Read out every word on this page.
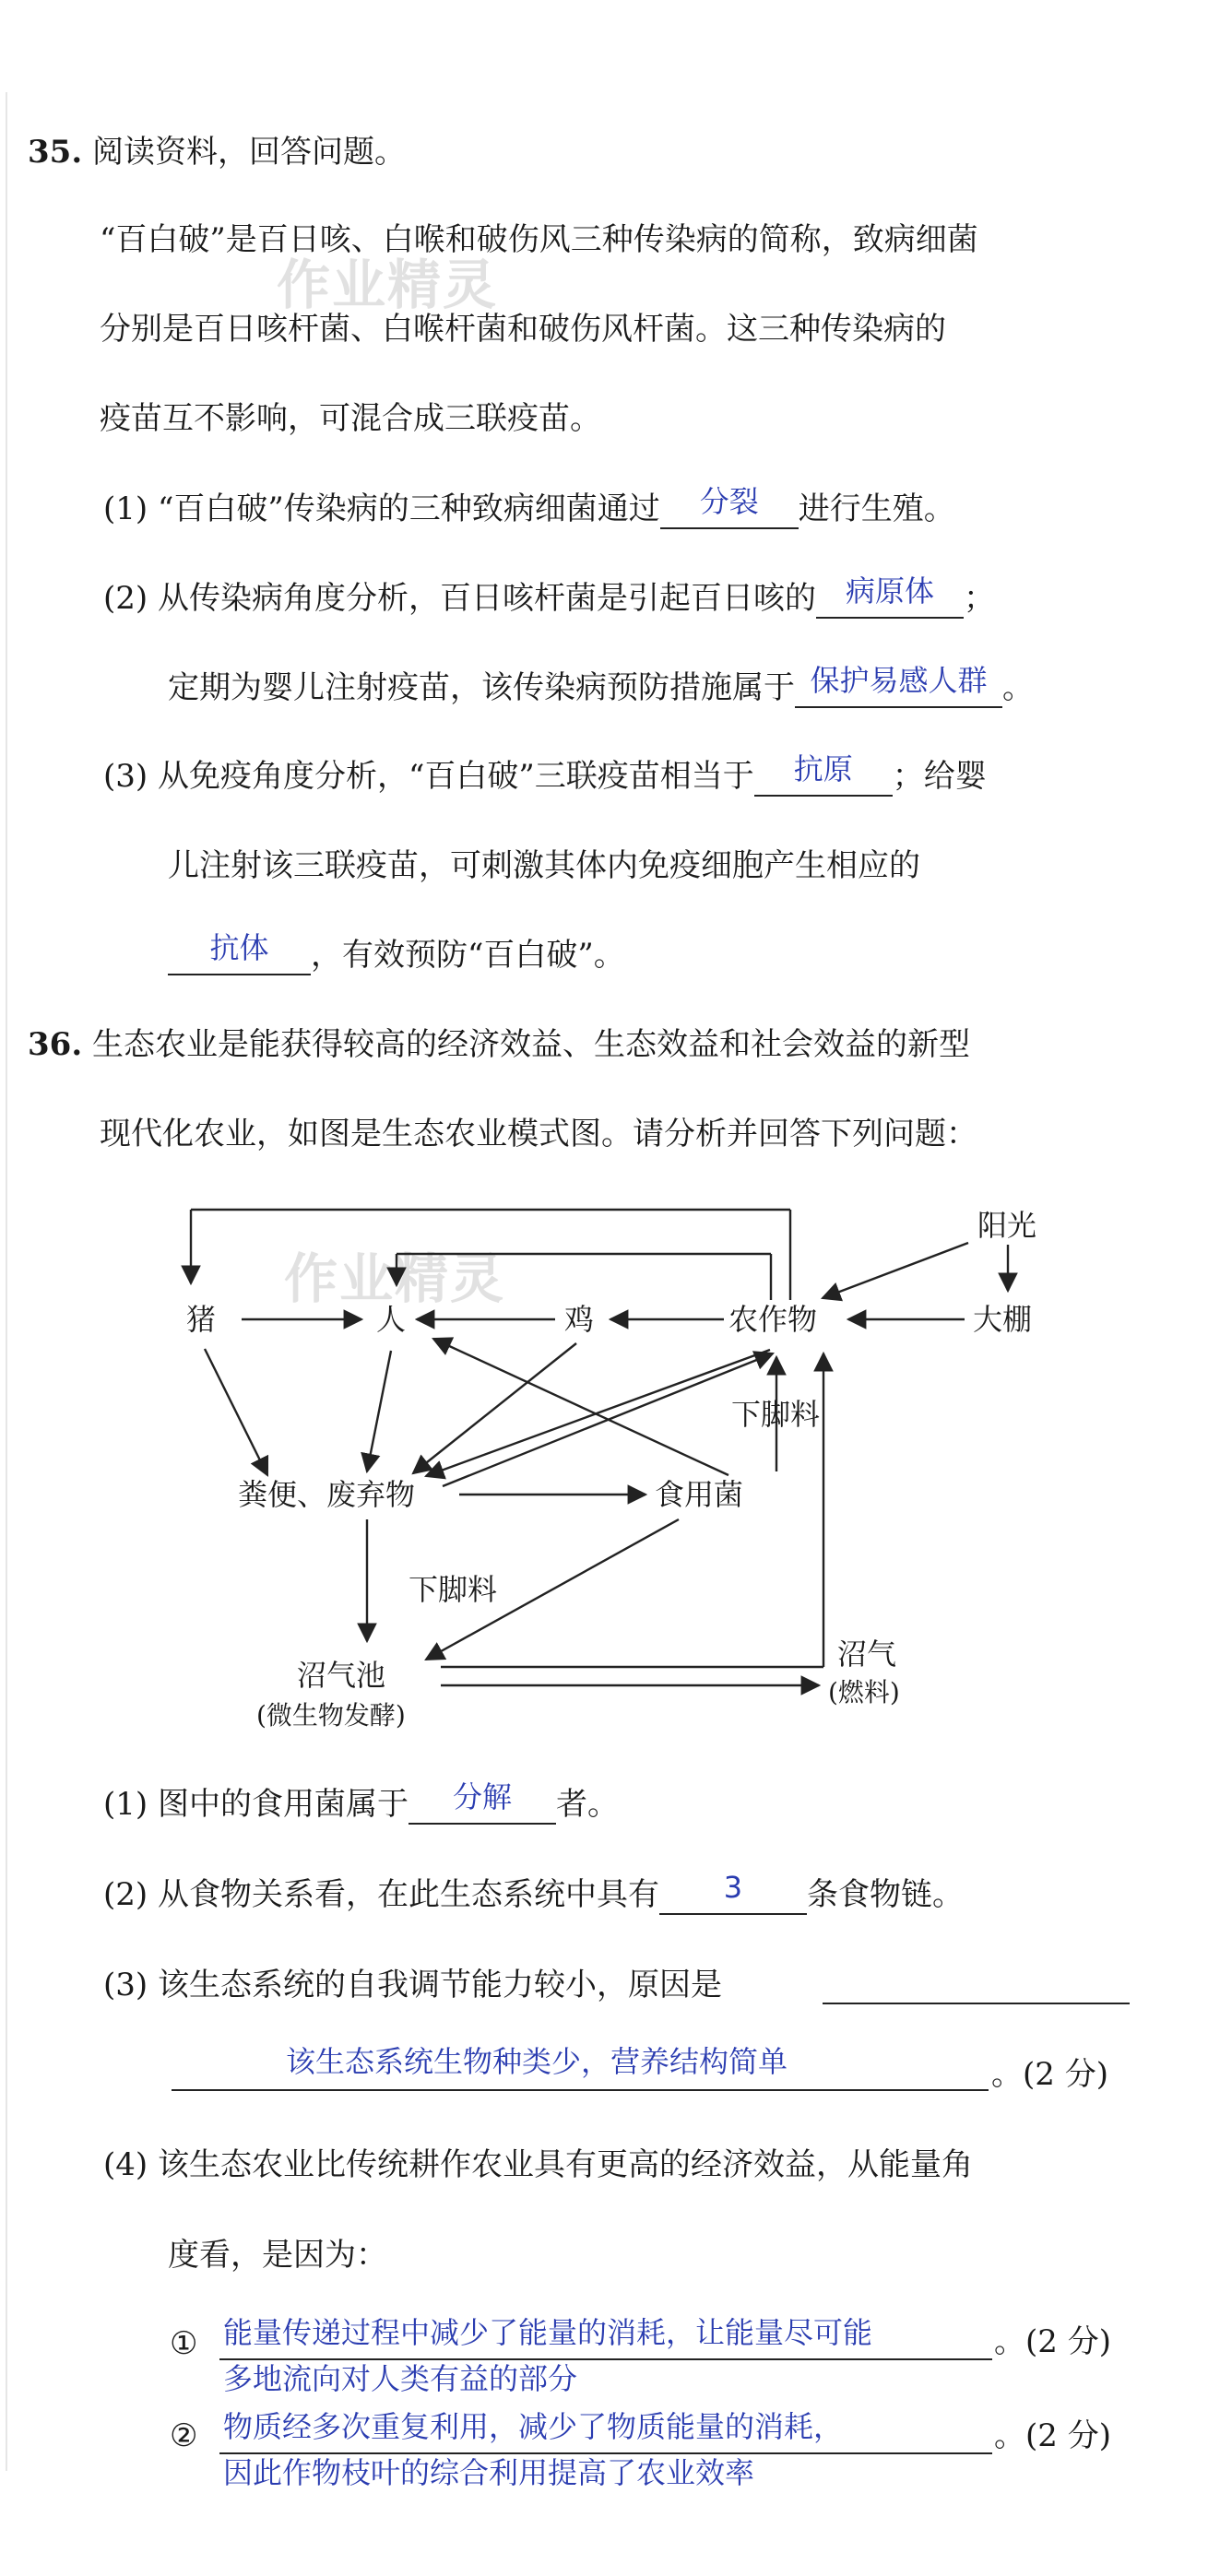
作业精灵
作业精灵
35. 阅读资料，回答问题。
“百白破”是百日咳、白喉和破伤风三种传染病的简称，致病细菌
分别是百日咳杆菌、白喉杆菌和破伤风杆菌。这三种传染病的
疫苗互不影响，可混合成三联疫苗。
(1) “百白破”传染病的三种致病细菌通过	分裂	进行生殖。
(2) 从传染病角度分析，百日咳杆菌是引起百日咳的 病原体 ；
定期为婴儿注射疫苗，该传染病预防措施属于 保护易感人群 。
(3) 从免疫角度分析，“百白破”三联疫苗相当于	抗原	；给婴
儿注射该三联疫苗，可刺激其体内免疫细胞产生相应的
抗体	，有效预防“百白破”。
36. 生态农业是能获得较高的经济效益、生态效益和社会效益的新型
现代化农业，如图是生态农业模式图。请分析并回答下列问题：
阳光
大棚
农作物
鸡
人
猪
粪便、废弃物	食用菌
下脚料
下脚料
沼气池
(微生物发酵)
沼气
(燃料)
(1) 图中的食用菌属于	分解	者。
(2) 从食物关系看，在此生态系统中具有	3	条食物链。
(3) 该生态系统的自我调节能力较小，原因是
该生态系统生物种类少，营养结构简单	。(2 分)
(4) 该生态农业比传统耕作农业具有更高的经济效益，从能量角
度看，是因为：
① 能量传递过程中减少了能量的消耗，让能量尽可能	。(2 分)
多地流向对人类有益的部分
② 物质经多次重复利用，减少了物质能量的消耗，	。(2 分)
因此作物枝叶的综合利用提高了农业效率
